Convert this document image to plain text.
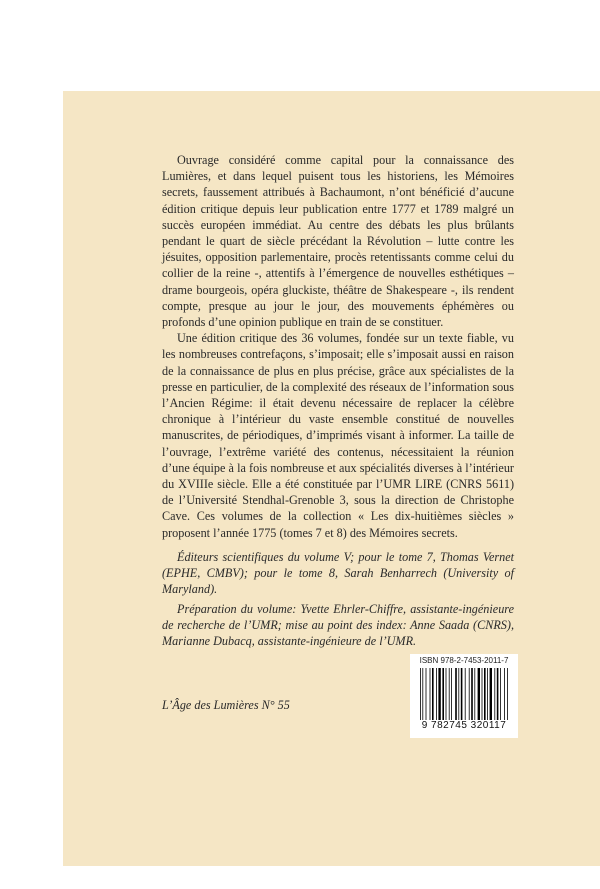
Ouvrage considéré comme capital pour la connaissance des Lumières, et dans lequel puisent tous les historiens, les Mémoires secrets, faussement attribués à Bachaumont, n’ont bénéficié d’aucune édition critique depuis leur publication entre 1777 et 1789 malgré un succès européen immédiat. Au centre des débats les plus brûlants pendant le quart de siècle précédant la Révolution – lutte contre les jésuites, opposition parlementaire, procès retentissants comme celui du collier de la reine -, attentifs à l’émergence de nouvelles esthétiques – drame bourgeois, opéra gluckiste, théâtre de Shakespeare -, ils rendent compte, presque au jour le jour, des mouvements éphémères ou profonds d’une opinion publique en train de se constituer.

Une édition critique des 36 volumes, fondée sur un texte fiable, vu les nombreuses contrefaçons, s’imposait; elle s’imposait aussi en raison de la connaissance de plus en plus précise, grâce aux spécialistes de la presse en particulier, de la complexité des réseaux de l’information sous l’Ancien Régime: il était devenu nécessaire de replacer la célèbre chronique à l’intérieur du vaste ensemble constitué de nouvelles manuscrites, de périodiques, d’imprimés visant à informer. La taille de l’ouvrage, l’extrême variété des contenus, nécessitaient la réunion d’une équipe à la fois nombreuse et aux spécialités diverses à l’intérieur du XVIIIe siècle. Elle a été constituée par l’UMR LIRE (CNRS 5611) de l’Université Stendhal-Grenoble 3, sous la direction de Christophe Cave. Ces volumes de la collection « Les dix-huitièmes siècles » proposent l’année 1775 (tomes 7 et 8) des Mémoires secrets.

Éditeurs scientifiques du volume V; pour le tome 7, Thomas Vernet (EPHE, CMBV); pour le tome 8, Sarah Benharrech (University of Maryland).

Préparation du volume: Yvette Ehrler-Chiffre, assistante-ingénieure de recherche de l’UMR; mise au point des index: Anne Saada (CNRS), Marianne Dubacq, assistante-ingénieure de l’UMR.

L’Âge des Lumières N° 55
ISBN 978-2-7453-2011-7
9 782745 320117
